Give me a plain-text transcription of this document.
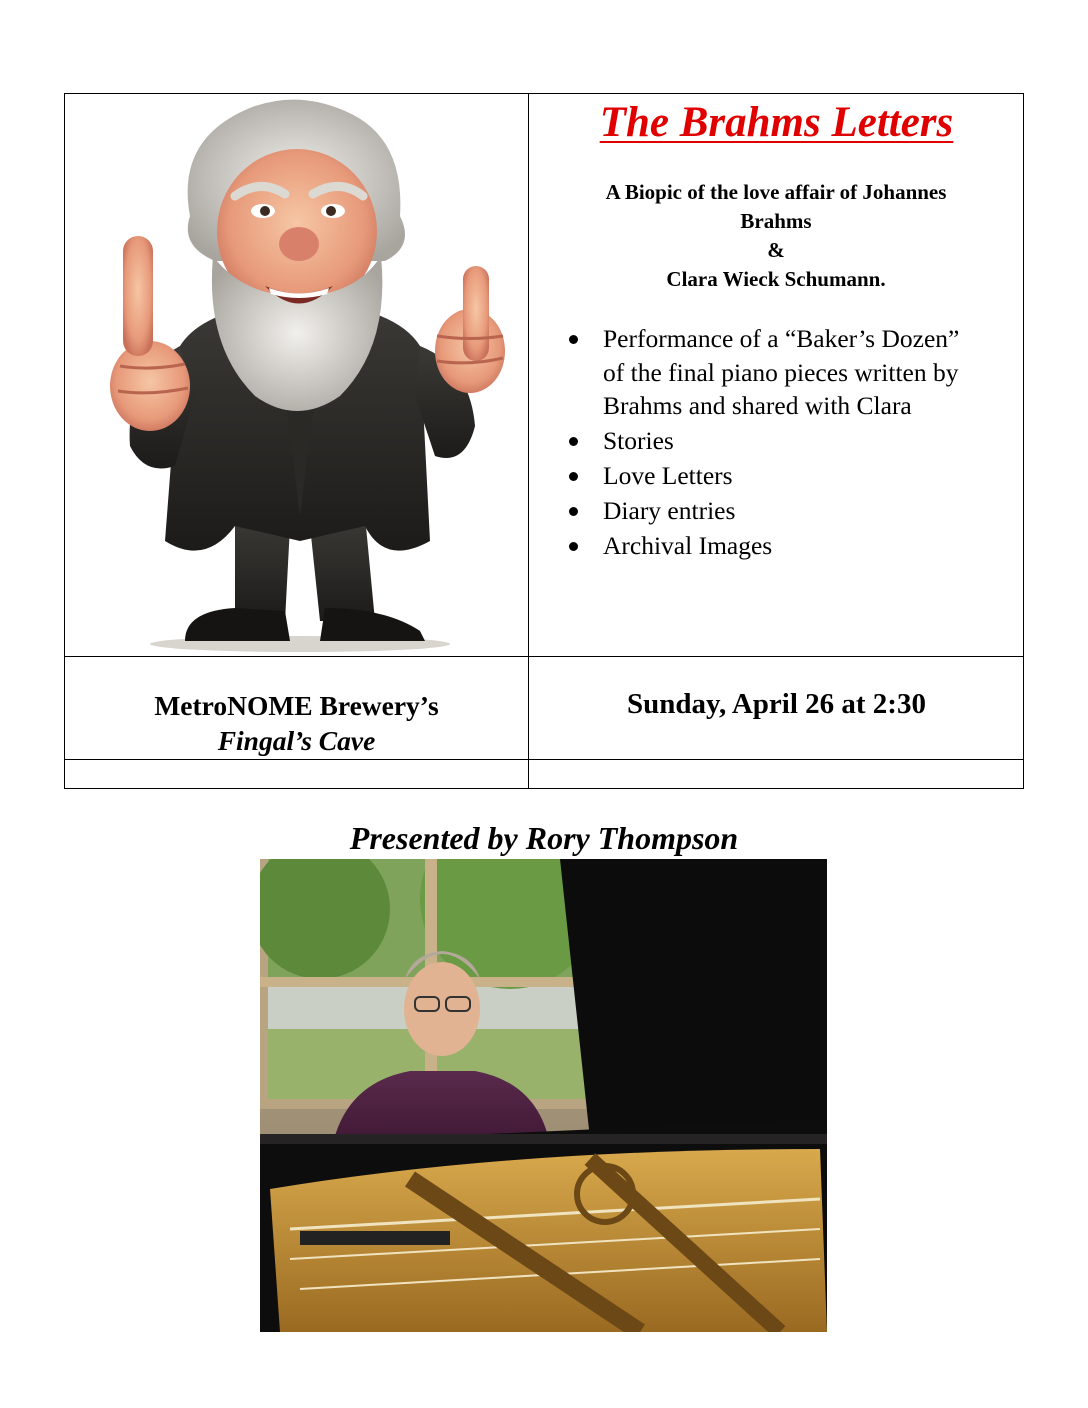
The Brahms Letters
A Biopic of the love affair of Johannes
Brahms
&
Clara Wieck Schumann.
Performance of a “Baker’s Dozen”
of the final piano pieces written by
Brahms and shared with Clara
Stories
Love Letters
Diary entries
Archival Images
MetroNOME Brewery’s
Fingal’s Cave
Sunday, April 26 at 2:30
Presented by Rory Thompson
